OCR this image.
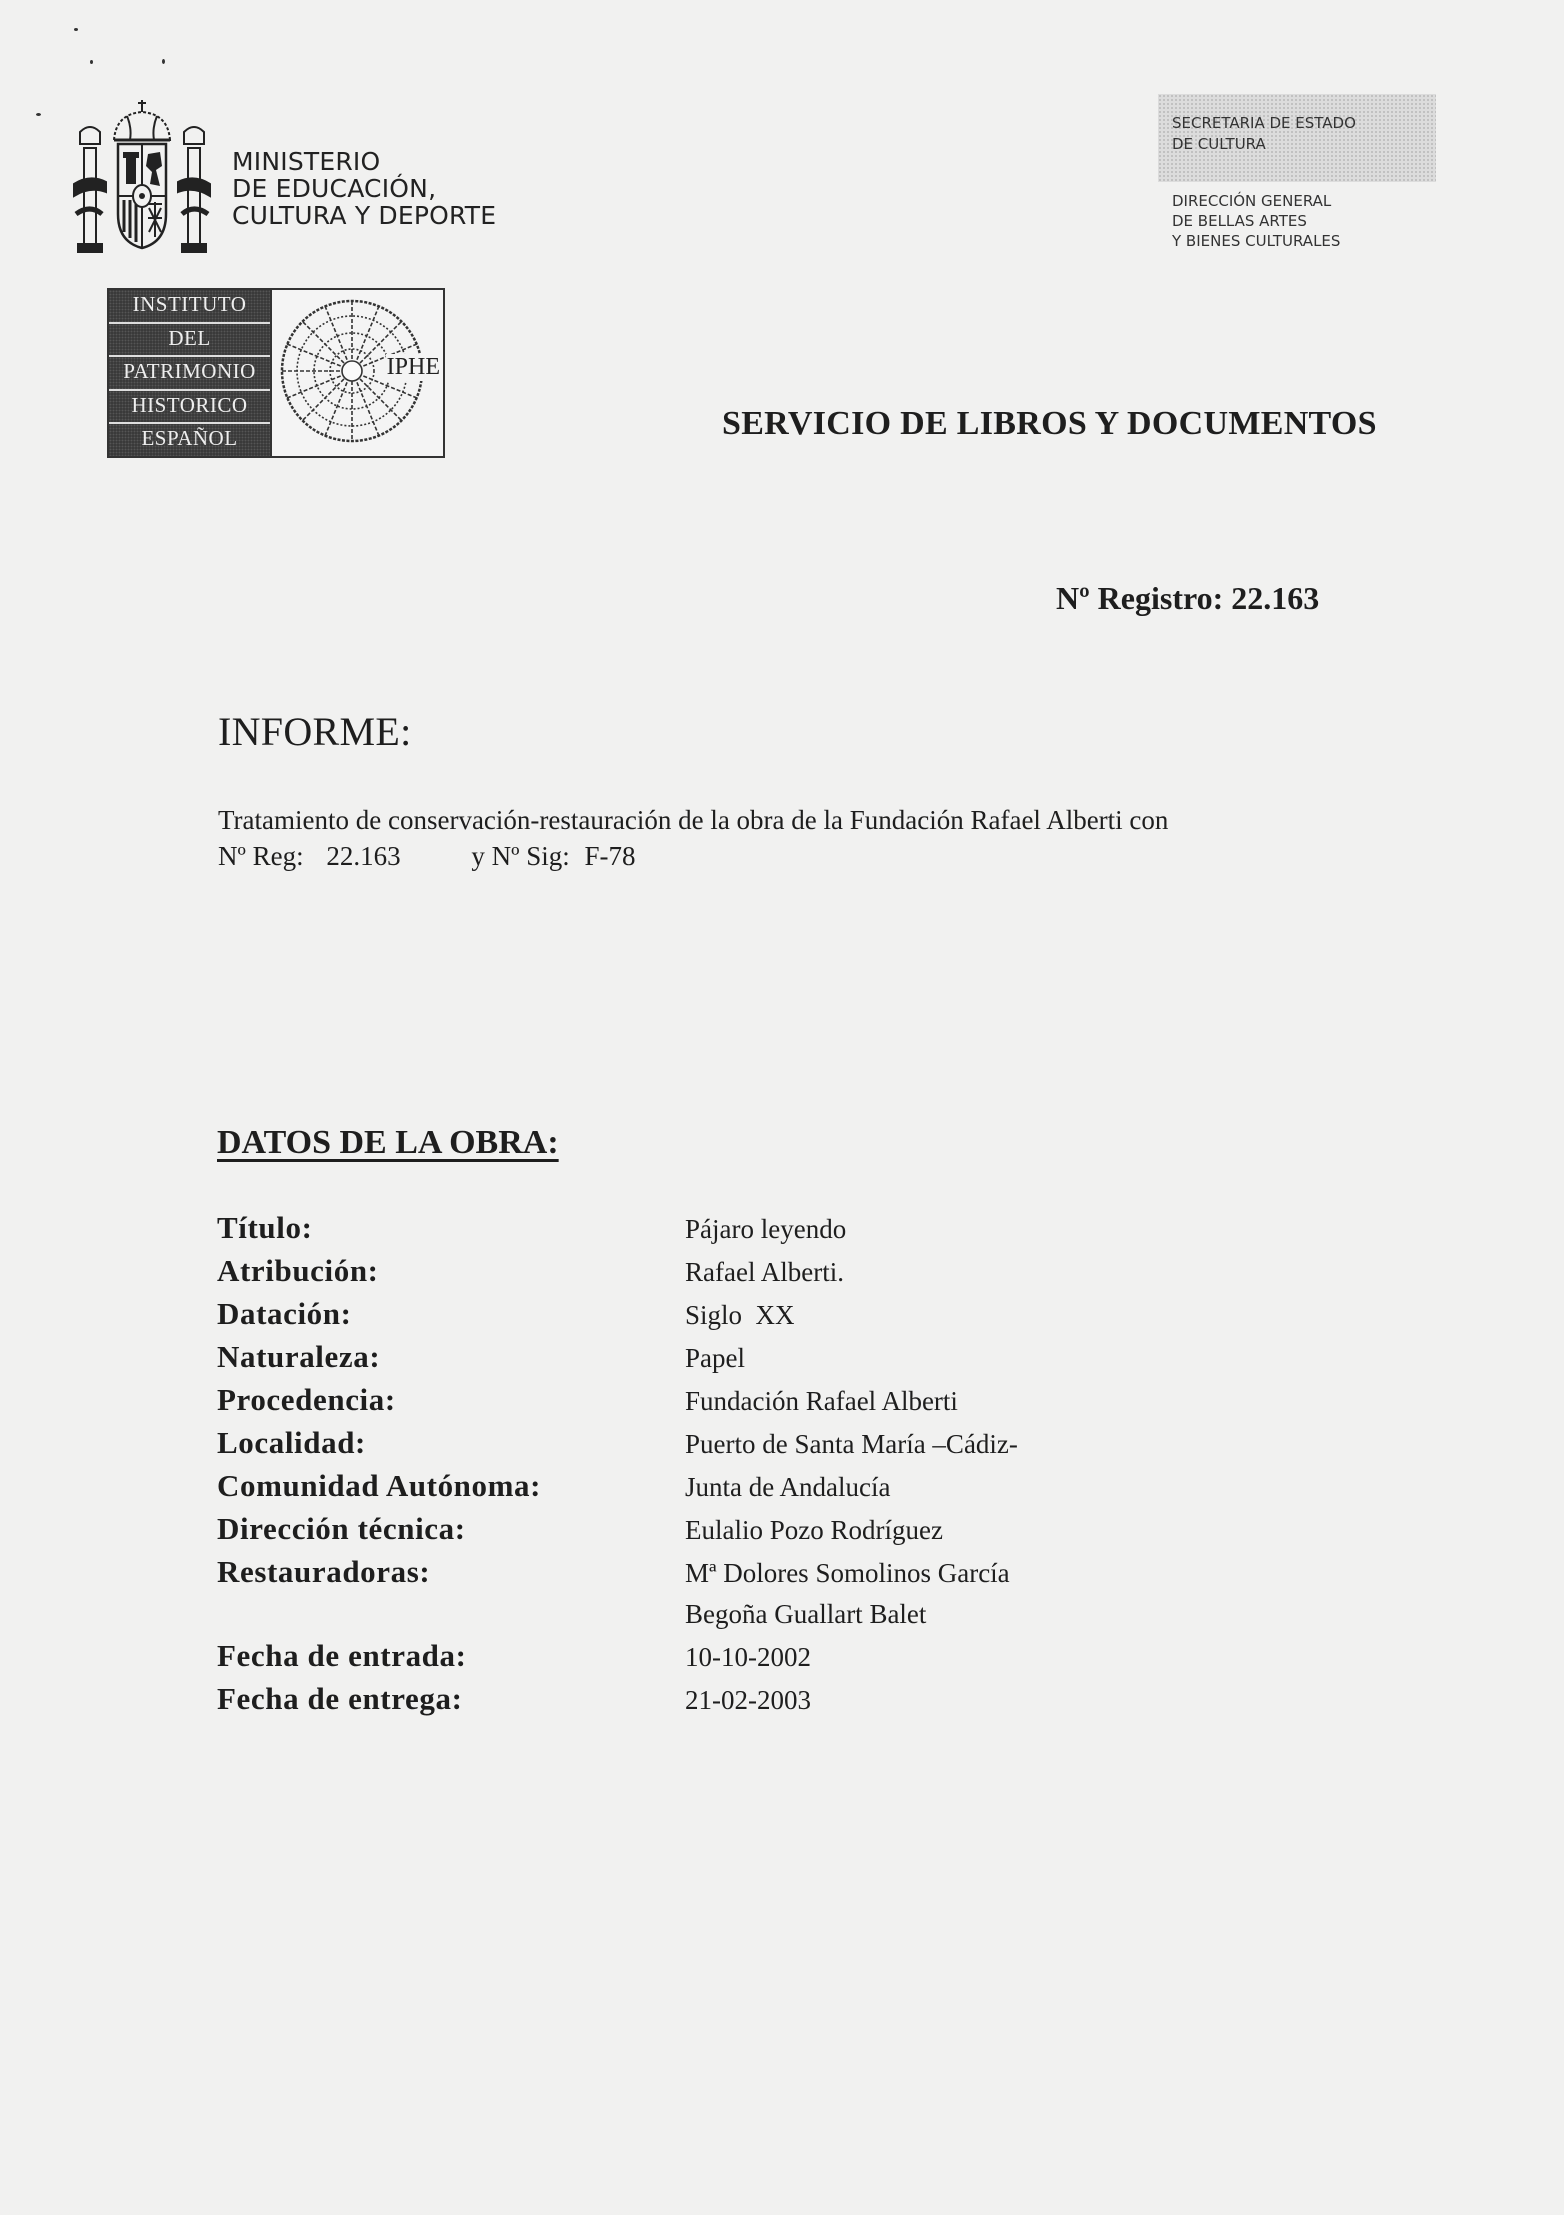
MINISTERIO
DE EDUCACIÓN,
CULTURA Y DEPORTE
SECRETARIA DE ESTADO
DE CULTURA
DIRECCIÓN GENERAL
DE BELLAS ARTES
Y BIENES CULTURALES
INSTITUTO
DEL
PATRIMONIO
HISTORICO
ESPAÑOL
IPHE
SERVICIO DE LIBROS Y DOCUMENTOS
Nº Registro: 22.163
INFORME:
Tratamiento de conservación-restauración de la obra de la Fundación Rafael Alberti con
Nº Reg: 22.163	y Nº Sig: F-78
DATOS DE LA OBRA:
Título:	Pájaro leyendo
Atribución:	Rafael Alberti.
Datación:	Siglo  XX
Naturaleza:	Papel
Procedencia:	Fundación Rafael Alberti
Localidad:	Puerto de Santa María –Cádiz-
Comunidad Autónoma:	Junta de Andalucía
Dirección técnica:	Eulalio Pozo Rodríguez
Restauradoras:	Mª Dolores Somolinos García
Begoña Guallart Balet
Fecha de entrada:	10-10-2002
Fecha de entrega:	21-02-2003
